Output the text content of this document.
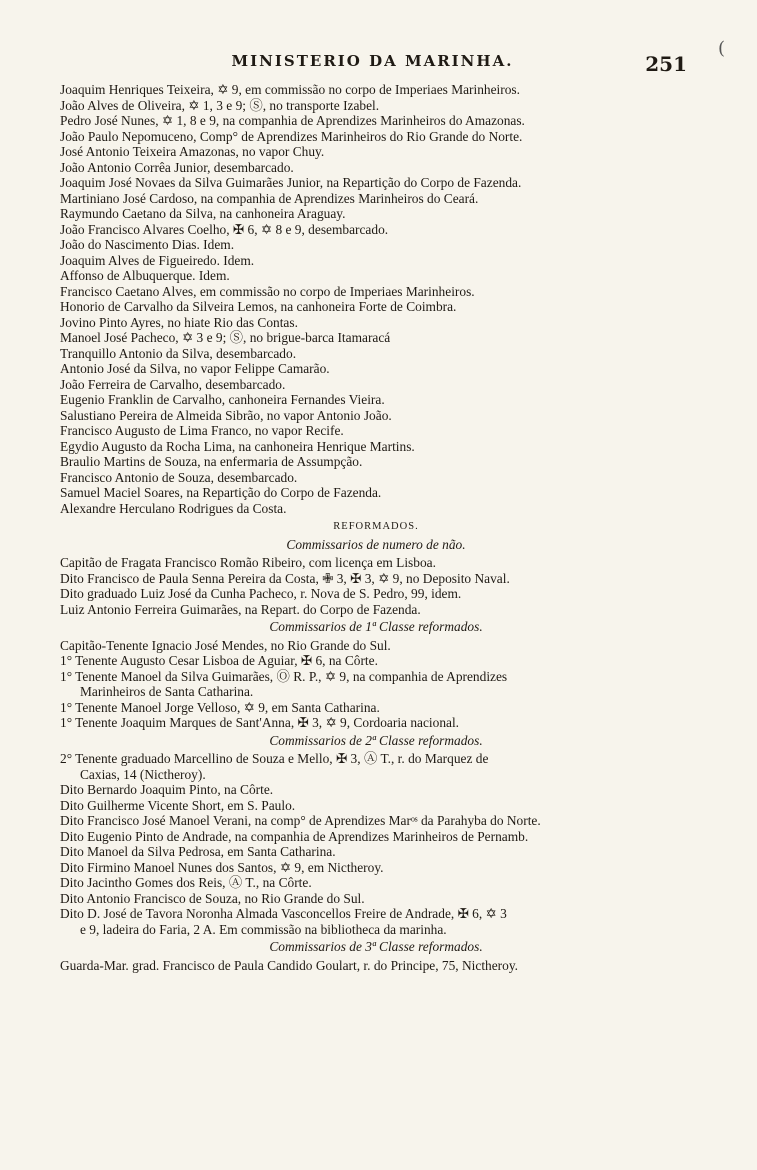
MINISTERIO DA MARINHA.	251
(
Joaquim Henriques Teixeira, ✡ 9, em commissão no corpo de Imperiaes Marinheiros.
João Alves de Oliveira, ✡ 1, 3 e 9; Ⓢ, no transporte Izabel.
Pedro José Nunes, ✡ 1, 8 e 9, na companhia de Aprendizes Marinheiros do Amazonas.
João Paulo Nepomuceno, Comp° de Aprendizes Marinheiros do Rio Grande do Norte.
José Antonio Teixeira Amazonas, no vapor Chuy.
João Antonio Corrêa Junior, desembarcado.
Joaquim José Novaes da Silva Guimarães Junior, na Repartição do Corpo de Fazenda.
Martiniano José Cardoso, na companhia de Aprendizes Marinheiros do Ceará.
Raymundo Caetano da Silva, na canhoneira Araguay.
João Francisco Alvares Coelho, ✠ 6, ✡ 8 e 9, desembarcado.
João do Nascimento Dias. Idem.
Joaquim Alves de Figueiredo. Idem.
Affonso de Albuquerque. Idem.
Francisco Caetano Alves, em commissão no corpo de Imperiaes Marinheiros.
Honorio de Carvalho da Silveira Lemos, na canhoneira Forte de Coimbra.
Jovino Pinto Ayres, no hiate Rio das Contas.
Manoel José Pacheco, ✡ 3 e 9; Ⓢ, no brigue-barca Itamaracá
Tranquillo Antonio da Silva, desembarcado.
Antonio José da Silva, no vapor Felippe Camarão.
João Ferreira de Carvalho, desembarcado.
Eugenio Franklin de Carvalho, canhoneira Fernandes Vieira.
Salustiano Pereira de Almeida Sibrão, no vapor Antonio João.
Francisco Augusto de Lima Franco, no vapor Recife.
Egydio Augusto da Rocha Lima, na canhoneira Henrique Martins.
Braulio Martins de Souza, na enfermaria de Assumpção.
Francisco Antonio de Souza, desembarcado.
Samuel Maciel Soares, na Repartição do Corpo de Fazenda.
Alexandre Herculano Rodrigues da Costa.
REFORMADOS.
Commissarios de numero de não.
Capitão de Fragata Francisco Romão Ribeiro, com licença em Lisboa.
Dito Francisco de Paula Senna Pereira da Costa, ✙ 3, ✠ 3, ✡ 9, no Deposito Naval.
Dito graduado Luiz José da Cunha Pacheco, r. Nova de S. Pedro, 99, idem.
Luiz Antonio Ferreira Guimarães, na Repart. do Corpo de Fazenda.
Commissarios de 1ª Classe reformados.
Capitão-Tenente Ignacio José Mendes, no Rio Grande do Sul.
1° Tenente Augusto Cesar Lisboa de Aguiar, ✠ 6, na Côrte.
1° Tenente Manoel da Silva Guimarães, Ⓞ R. P., ✡ 9, na companhia de Aprendizes
Marinheiros de Santa Catharina.
1° Tenente Manoel Jorge Velloso, ✡ 9, em Santa Catharina.
1° Tenente Joaquim Marques de Sant'Anna, ✠ 3, ✡ 9, Cordoaria nacional.
Commissarios de 2ª Classe reformados.
2° Tenente graduado Marcellino de Souza e Mello, ✠ 3, Ⓐ T., r. do Marquez de
Caxias, 14 (Nictheroy).
Dito Bernardo Joaquim Pinto, na Côrte.
Dito Guilherme Vicente Short, em S. Paulo.
Dito Francisco José Manoel Verani, na comp° de Aprendizes Marᵒˢ da Parahyba do Norte.
Dito Eugenio Pinto de Andrade, na companhia de Aprendizes Marinheiros de Pernamb.
Dito Manoel da Silva Pedrosa, em Santa Catharina.
Dito Firmino Manoel Nunes dos Santos, ✡ 9, em Nictheroy.
Dito Jacintho Gomes dos Reis, Ⓐ T., na Côrte.
Dito Antonio Francisco de Souza, no Rio Grande do Sul.
Dito D. José de Tavora Noronha Almada Vasconcellos Freire de Andrade, ✠ 6, ✡ 3
e 9, ladeira do Faria, 2 A. Em commissão na bibliotheca da marinha.
Commissarios de 3ª Classe reformados.
Guarda-Mar. grad. Francisco de Paula Candido Goulart, r. do Principe, 75, Nictheroy.
